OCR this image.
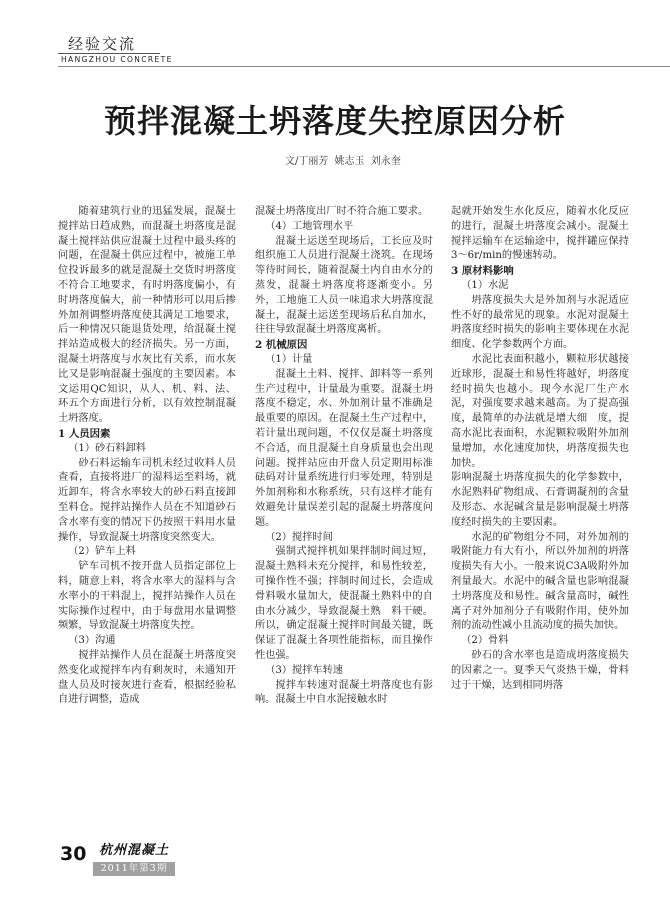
经验交流
HANGZHOU CONCRETE
预拌混凝土坍落度失控原因分析
文/丁丽芳 姚志玉 刘永奎

随着建筑行业的迅猛发展，混凝土搅拌站日趋成熟，而混凝土坍落度是混凝土搅拌站供应混凝土过程中最头疼的问题，在混凝土供应过程中，被施工单位投诉最多的就是混凝土交货时坍落度不符合工地要求，有时坍落度偏小，有时坍落度偏大，前一种情形可以用后掺外加剂调整坍落度使其满足工地要求，后一种情况只能退货处理，给混凝土搅拌站造成极大的经济损失。另一方面，混凝土坍落度与水灰比有关系，而水灰比又是影响混凝土强度的主要因素。本文运用QC知识，从人、机、料、法、环五个方面进行分析，以有效控制混凝土坍落度。

1 人员因素
（1）砂石料卸料

砂石料运输车司机未经过收料人员查看，直接将进厂的湿料运至料场，就近卸车，将含水率较大的砂石料直接卸至料仓。搅拌站操作人员在不知道砂石含水率有变的情况下仍按照干料用水量操作，导致混凝土坍落度突然变大。

（2）铲车上料

铲车司机不按开盘人员指定部位上料，随意上料，将含水率大的湿料与含水率小的干料混上，搅拌站操作人员在实际操作过程中，由于每盘用水量调整频繁，导致混凝土坍落度失控。

（3）沟通

搅拌站操作人员在混凝土坍落度突然变化或搅拌车内有剩灰时，未通知开盘人员及时接灰进行查看，根据经验私自进行调整，造成

混凝土坍落度出厂时不符合施工要求。

（4）工地管理水平

混凝土运送至现场后，工长应及时组织施工人员进行混凝土浇筑。在现场等待时间长，随着混凝土内自由水分的蒸发，混凝土坍落度将逐渐变小。另外，工地施工人员一味追求大坍落度混凝土，混凝土运送至现场后私自加水，往往导致混凝土坍落度离析。

2 机械原因
（1）计量

混凝土土料、搅拌、卸料等一系列生产过程中，计量最为重要。混凝土坍落度不稳定，水、外加剂计量不准确是最重要的原因。在混凝土生产过程中，若计量出现问题，不仅仅是凝土坍落度不合适，而且混凝土自身质量也会出现问题。搅拌站应由开盘人员定期用标准砝码对计量系统进行归零处理，特别是外加剂称和水称系统，只有这样才能有效避免计量误差引起的混凝土坍落度问题。

（2）搅拌时间

强制式搅拌机如果拌制时间过短，混凝土熟料未充分搅拌，和易性较差，可操作性不强；拌制时间过长，会造成骨料吸水量加大，使混凝土熟料中的自由水分减少，导致混凝土熟　料干硬。所以，确定混凝土搅拌时间最关键，既保证了混凝土各项性能指标，而且操作性也强。

（3）搅拌车转速

搅拌车转速对混凝土坍落度也有影响。混凝土中自水泥接触水时

起就开始发生水化反应，随着水化反应的进行，混凝土坍落度会减小。混凝土搅拌运输车在运输途中，搅拌罐应保持3～6r/min的慢速转动。

3 原材料影响
（1）水泥

坍落度损失大是外加剂与水泥适应性不好的最常见的现象。水泥对混凝土坍落度经时损失的影响主要体现在水泥细度、化学参数两个方面。

水泥比表面积越小，颗粒形状越接近球形，混凝土和易性将越好，坍落度经时损失也越小。现今水泥厂生产水泥，对强度要求越来越高。为了提高强度，最简单的办法就是增大细　度，提高水泥比表面积，水泥颗粒吸附外加剂量增加，水化速度加快，坍落度损失也加快。

影响混凝土坍落度损失的化学参数中，水泥熟料矿物组成、石膏调凝剂的含量及形态、水泥碱含量是影响混凝土坍落度经时损失的主要因素。

水泥的矿物组分不同，对外加剂的吸附能力有大有小，所以外加剂的坍落度损失有大小。一般来说C3A吸附外加剂量最大。水泥中的碱含量也影响混凝土坍落度及和易性。碱含量高时，碱性离子对外加剂分子有吸附作用，使外加剂的流动性减小且流动度的损失加快。

（2）骨料

砂石的含水率也是造成坍落度损失的因素之一。夏季天气炎热干燥，骨料过于干燥，达到相同坍落

30 杭州混凝土
2011年第3期
